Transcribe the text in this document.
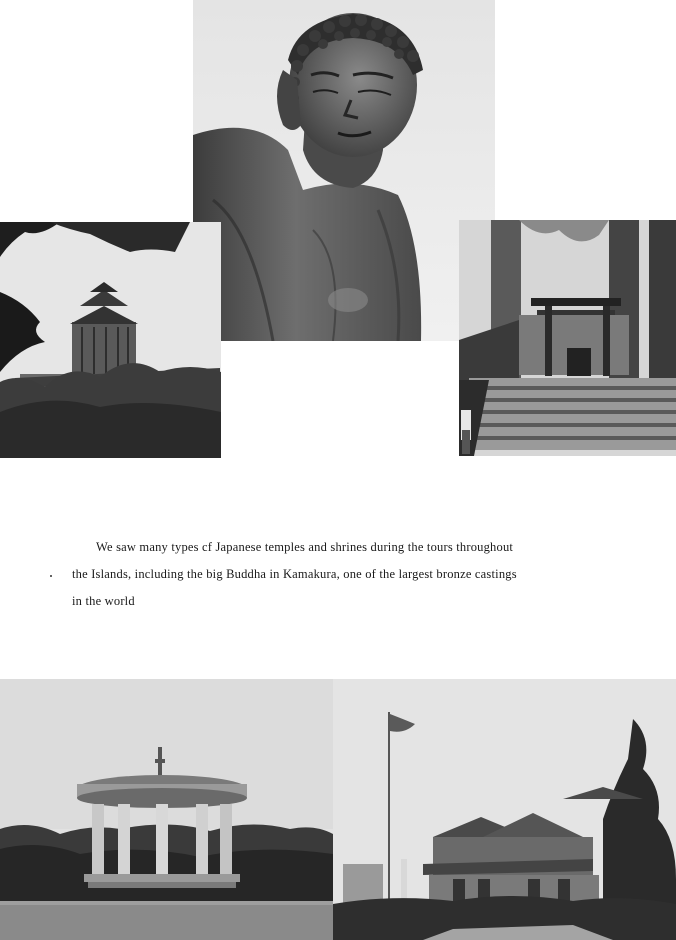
We saw many types cf Japanese temples and shrines during the tours throughout

the Islands, including the big Buddha in Kamakura, one of the largest bronze castings

in the world
